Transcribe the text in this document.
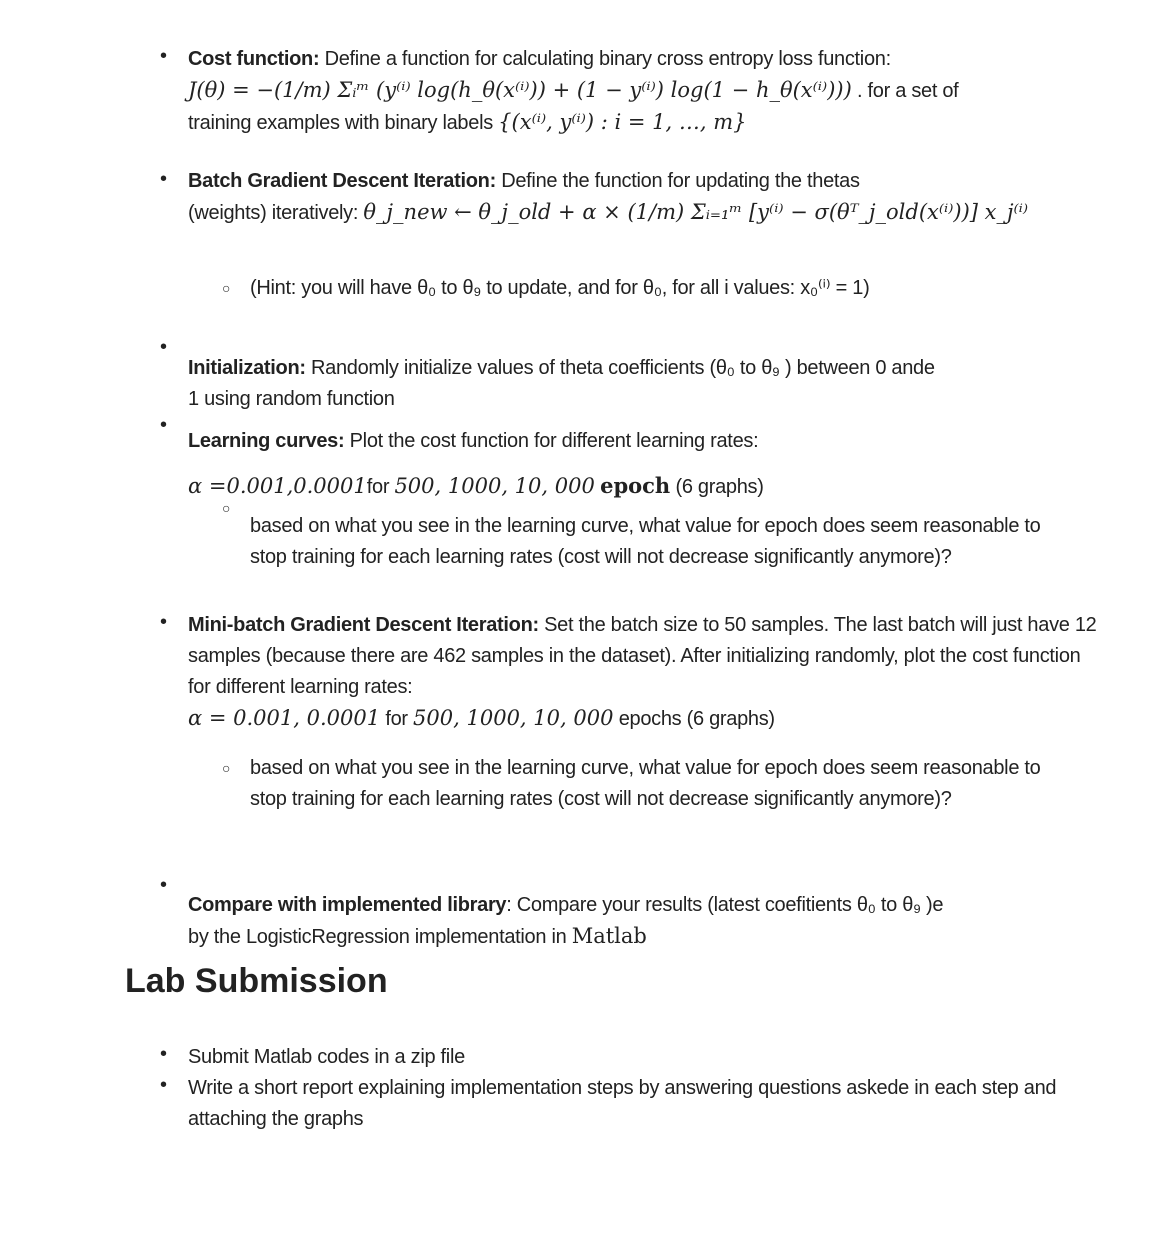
• Cost function: Define a function for calculating binary cross entropy loss function:
J(θ) = −(1/m) Σᵢᵐ (y⁽ⁱ⁾ log(h_θ(x⁽ⁱ⁾)) + (1 − y⁽ⁱ⁾) log(1 − h_θ(x⁽ⁱ⁾))) . for a set of
training examples with binary labels {(x⁽ⁱ⁾, y⁽ⁱ⁾) : i = 1, …, m}
• Batch Gradient Descent Iteration: Define the function for updating the thetas
(weights) iteratively: θ_j_new ← θ_j_old + α × (1/m) Σᵢ₌₁ᵐ [y⁽ⁱ⁾ − σ(θᵀ_j_old(x⁽ⁱ⁾))] x_j⁽ⁱ⁾
○ (Hint: you will have θ₀ to θ₉ to update, and for θ₀, for all i values: x₀⁽ⁱ⁾ = 1)
•
Initialization: Randomly initialize values of theta coefficients (θ₀ to θ₉ ) between 0 ande
1 using random function
•
Learning curves: Plot the cost function for different learning rates:
α =0.001,0.0001for 500, 1000, 10, 000 epoch (6 graphs)
○
based on what you see in the learning curve, what value for epoch does seem reasonable to stop training for each learning rates (cost will not decrease significantly anymore)?
• Mini-batch Gradient Descent Iteration: Set the batch size to 50 samples. The last batch will just have 12 samples (because there are 462 samples in the dataset). After initializing randomly, plot the cost function for different learning rates:
α = 0.001, 0.0001 for 500, 1000, 10, 000 epochs (6 graphs)
○ based on what you see in the learning curve, what value for epoch does seem reasonable to stop training for each learning rates (cost will not decrease significantly anymore)?
•
Compare with implemented library: Compare your results (latest coefitients θ₀ to θ₉ )e
by the LogisticRegression implementation in Matlab
Lab Submission
• Submit Matlab codes in a zip file
• Write a short report explaining implementation steps by answering questions askede in each step and attaching the graphs
